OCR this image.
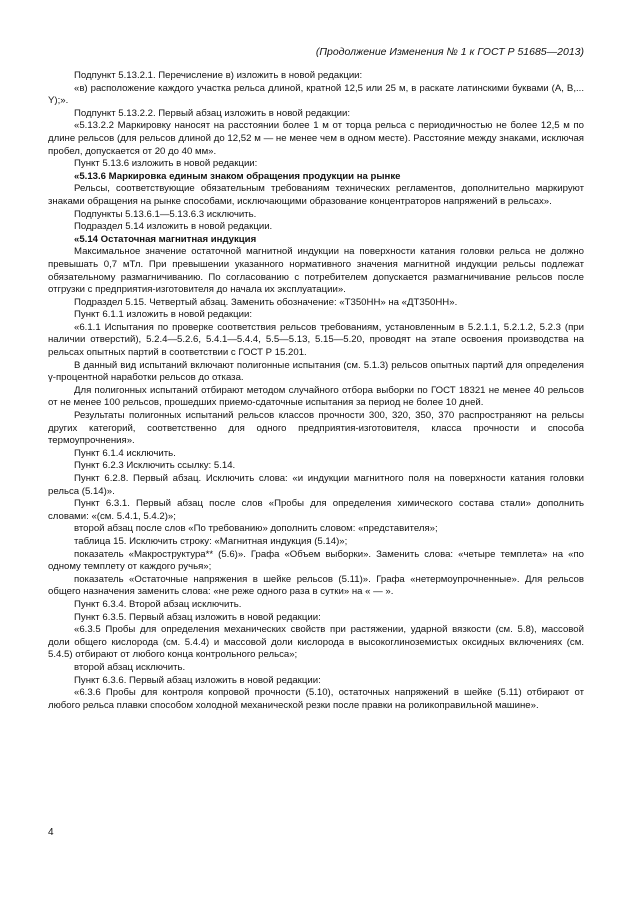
(Продолжение Изменения № 1 к ГОСТ Р 51685—2013)

Подпункт 5.13.2.1. Перечисление в) изложить в новой редакции:

«в) расположение каждого участка рельса длиной, кратной 12,5 или 25 м, в раскате латинскими буквами (А, В,... Y);».

Подпункт 5.13.2.2. Первый абзац изложить в новой редакции:

«5.13.2.2 Маркировку наносят на расстоянии более 1 м от торца рельса с периодичностью не более 12,5 м по длине рельсов (для рельсов длиной до 12,52 м — не менее чем в одном месте). Расстояние между знаками, исключая пробел, допускается от 20 до 40 мм».

Пункт 5.13.6 изложить в новой редакции:

«5.13.6 Маркировка единым знаком обращения продукции на рынке

Рельсы, соответствующие обязательным требованиям технических регламентов, дополнительно маркируют знаками обращения на рынке способами, исключающими образование концентраторов напряжений в рельсах».

Подпункты 5.13.6.1—5.13.6.3 исключить.

Подраздел 5.14 изложить в новой редакции.

«5.14 Остаточная магнитная индукция

Максимальное значение остаточной магнитной индукции на поверхности катания головки рельса не должно превышать 0,7 мТл. При превышении указанного нормативного значения магнитной индукции рельсы подлежат обязательному размагничиванию. По согласованию с потребителем допускается размагничивание рельсов после отгрузки с предприятия-изготовителя до начала их эксплуатации».

Подраздел 5.15. Четвертый абзац. Заменить обозначение: «Т350НН» на «ДТ350НН».

Пункт 6.1.1 изложить в новой редакции:

«6.1.1 Испытания по проверке соответствия рельсов требованиям, установленным в 5.2.1.1, 5.2.1.2, 5.2.3 (при наличии отверстий), 5.2.4—5.2.6, 5.4.1—5.4.4, 5.5—5.13, 5.15—5.20, проводят на этапе освоения производства на рельсах опытных партий в соответствии с ГОСТ Р 15.201.

В данный вид испытаний включают полигонные испытания (см. 5.1.3) рельсов опытных партий для определения γ-процентной наработки рельсов до отказа.

Для полигонных испытаний отбирают методом случайного отбора выборки по ГОСТ 18321 не менее 40 рельсов от не менее 100 рельсов, прошедших приемо-сдаточные испытания за период не более 10 дней.

Результаты полигонных испытаний рельсов классов прочности 300, 320, 350, 370 распространяют на рельсы других категорий, соответственно для одного предприятия-изготовителя, класса прочности и способа термоупрочнения».

Пункт 6.1.4 исключить.

Пункт 6.2.3 Исключить ссылку: 5.14.

Пункт 6.2.8. Первый абзац. Исключить слова: «и индукции магнитного поля на поверхности катания головки рельса (5.14)».

Пункт 6.3.1. Первый абзац после слов «Пробы для определения химического состава стали» дополнить словами: «(см. 5.4.1, 5.4.2)»;

второй абзац после слов «По требованию» дополнить словом: «представителя»;

таблица 15. Исключить строку: «Магнитная индукция (5.14)»;

показатель «Макроструктура** (5.6)». Графа «Объем выборки». Заменить слова: «четыре темплета» на «по одному темплету от каждого ручья»;

показатель «Остаточные напряжения в шейке рельсов (5.11)». Графа «нетермоупрочненные». Для рельсов общего назначения заменить слова: «не реже одного раза в сутки» на « — ».

Пункт 6.3.4. Второй абзац исключить.

Пункт 6.3.5. Первый абзац изложить в новой редакции:

«6.3.5 Пробы для определения механических свойств при растяжении, ударной вязкости (см. 5.8), массовой доли общего кислорода (см. 5.4.4) и массовой доли кислорода в высокоглиноземистых оксидных включениях (см. 5.4.5) отбирают от любого конца контрольного рельса»;

второй абзац исключить.

Пункт 6.3.6. Первый абзац изложить в новой редакции:

«6.3.6 Пробы для контроля копровой прочности (5.10), остаточных напряжений в шейке (5.11) отбирают от любого рельса плавки способом холодной механической резки после правки на роликоправильной машине».

4
